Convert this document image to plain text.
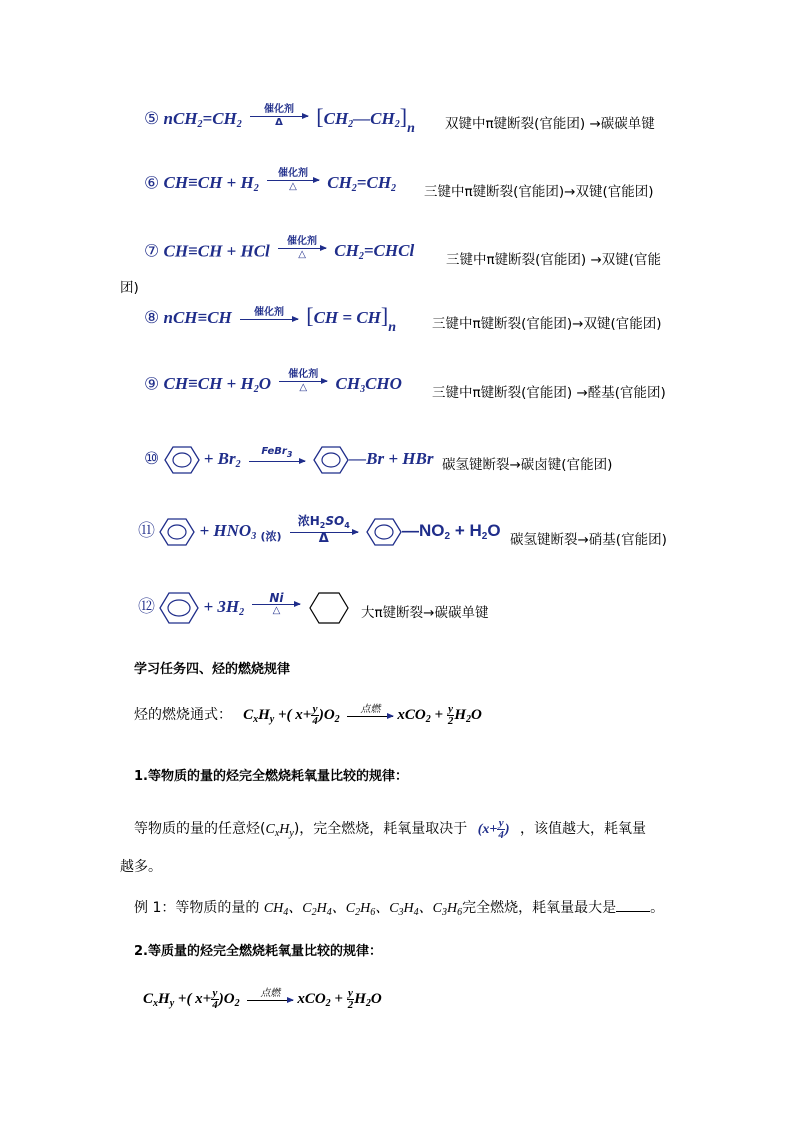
⑤ $nCH_2=CH_2$
催化剂
Δ	$[CH_2—CH_2]_n$ 双键中π键断裂(官能团) →碳碳单键
⑥ $CH\equiv CH + H_2$
催化剂
△	$CH_2=CH_2$ 三键中π键断裂(官能团)→双键(官能团)
⑦ CH≡CH + HCl	催化剂
△	$CH_2=CHCl$ 三键中π键断裂(官能团) →双键(官能
团)
⑧ nCH≡CH	催化剂	$[CH = CH]_n$	三键中π键断裂(官能团)→双键(官能团)
⑨ $CH\equiv CH + H_2O$	催化剂
△	$CH_3CHO$ 三键中π键断裂(官能团) →醛基(官能团)
⑩	+ $Br_2$
FeBr$_3$	—Br + HBr 碳氢键断裂→碳卤键(官能团)
⑪	+ $HNO_3$ $_{(浓)}$
浓$H_2SO_4$
Δ	$—NO_2 + H_2O$ 碳氢键断裂→硝基(官能团)
⑫	+ $3H_2$
Ni
△
	大π键断裂→碳碳单键
学习任务四、烃的燃烧规律
烃的燃烧通式： $C_xH_y$ +( $x+ \frac{y}{4} )O_2$
点燃	$xCO_2 + \frac{y}{2} H_2O$
1.等物质的量的烃完全燃烧耗氧量比较的规律：
等物质的量的任意烃$(C_xH_y)$，完全燃烧，耗氧量取决于 ($x+ \frac{y}{4}$ ) ，该值越大，耗氧量
越多。
例 1：等物质的量的 $CH_4$、$C_2H_4$、$C_2H_6$、$C_3H_4$、$C_3H_6$完全燃烧，耗氧量最大是 。
2.等质量的烃完全燃烧耗氧量比较的规律：
$C_xH_y$ +( $x+ \frac{y}{4} )O_2$
点燃	$xCO_2 + \frac{y}{2} H_2O$
